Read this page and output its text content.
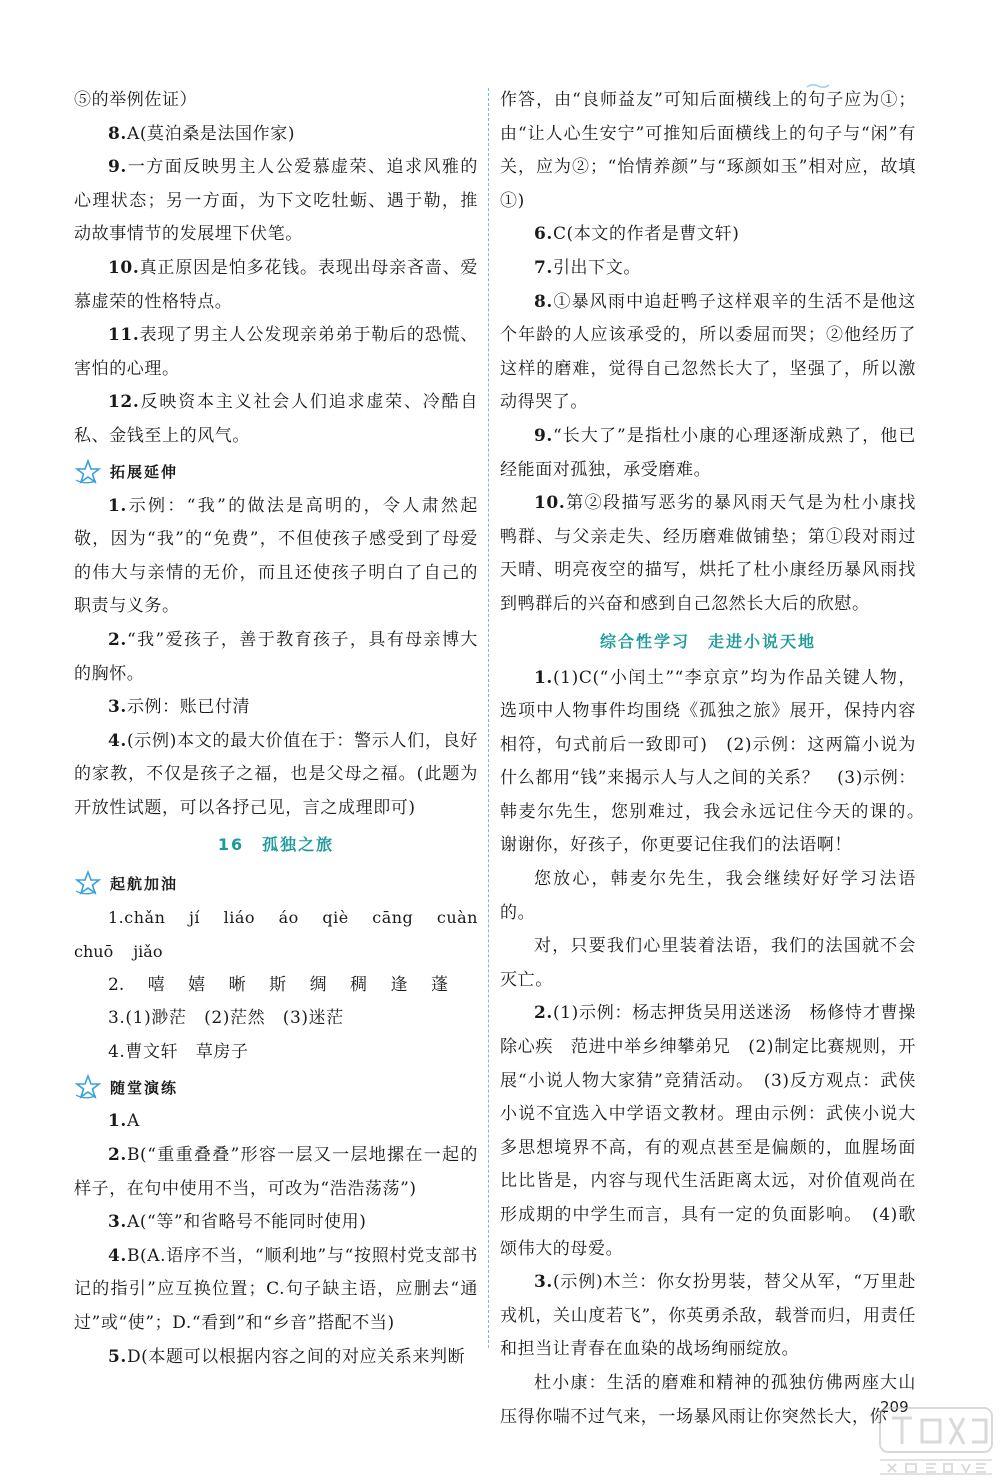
⑤的举例佐证）

8.A(莫泊桑是法国作家)

9.一方面反映男主人公爱慕虚荣、追求风雅的心理状态；另一方面，为下文吃牡蛎、遇于勒，推动故事情节的发展埋下伏笔。

10.真正原因是怕多花钱。表现出母亲吝啬、爱慕虚荣的性格特点。

11.表现了男主人公发现亲弟弟于勒后的恐慌、害怕的心理。

12.反映资本主义社会人们追求虚荣、冷酷自私、金钱至上的风气。

拓展延伸

1.示例：“我”的做法是高明的，令人肃然起敬，因为“我”的“免费”，不但使孩子感受到了母爱的伟大与亲情的无价，而且还使孩子明白了自己的职责与义务。

2.“我”爱孩子，善于教育孩子，具有母亲博大的胸怀。

3.示例：账已付清

4.(示例)本文的最大价值在于：警示人们，良好的家教，不仅是孩子之福，也是父母之福。(此题为开放性试题，可以各抒己见，言之成理即可)

16　孤独之旅

起航加油
1.chǎn jí liáo áo qiè cāng cuàn
chuō jiǎo
2. 嘻 嬉 晰 斯 绸 稠 逢 蓬

3.(1)渺茫　(2)茫然　(3)迷茫

4.曹文轩　草房子

随堂演练

1.A

2.B(“重重叠叠”形容一层又一层地摞在一起的样子，在句中使用不当，可改为“浩浩荡荡”)

3.A(“等”和省略号不能同时使用)

4.B(A.语序不当，“顺利地”与“按照村党支部书记的指引”应互换位置；C.句子缺主语，应删去“通过”或“使”；D.“看到”和“乡音”搭配不当)

5.D(本题可以根据内容之间的对应关系来判断

作答，由“良师益友”可知后面横线上的句子应为①；由“让人心生安宁”可推知后面横线上的句子与“闲”有关，应为②；“怡情养颜”与“琢颜如玉”相对应，故填①)

6.C(本文的作者是曹文轩)

7.引出下文。

8.①暴风雨中追赶鸭子这样艰辛的生活不是他这个年龄的人应该承受的，所以委屈而哭；②他经历了这样的磨难，觉得自己忽然长大了，坚强了，所以激动得哭了。

9.“长大了”是指杜小康的心理逐渐成熟了，他已经能面对孤独，承受磨难。

10.第②段描写恶劣的暴风雨天气是为杜小康找鸭群、与父亲走失、经历磨难做铺垫；第①段对雨过天晴、明亮夜空的描写，烘托了杜小康经历暴风雨找到鸭群后的兴奋和感到自己忽然长大后的欣慰。

综合性学习　走进小说天地

1.(1)C(“小闰土”“李京京”均为作品关键人物，选项中人物事件均围绕《孤独之旅》展开，保持内容相符，句式前后一致即可)　(2)示例：这两篇小说为什么都用“钱”来揭示人与人之间的关系？　(3)示例：韩麦尔先生，您别难过，我会永远记住今天的课的。　谢谢你，好孩子，你更要记住我们的法语啊！

您放心，韩麦尔先生，我会继续好好学习法语的。

对，只要我们心里装着法语，我们的法国就不会灭亡。

2.(1)示例：杨志押货吴用送迷汤　杨修恃才曹操除心疾　范进中举乡绅攀弟兄　(2)制定比赛规则，开展“小说人物大家猜”竞猜活动。　(3)反方观点：武侠小说不宜选入中学语文教材。理由示例：武侠小说大多思想境界不高，有的观点甚至是偏颇的，血腥场面比比皆是，内容与现代生活距离太远，对价值观尚在形成期的中学生而言，具有一定的负面影响。　(4)歌颂伟大的母爱。

3.(示例)木兰：你女扮男装，替父从军，“万里赴戎机，关山度若飞”，你英勇杀敌，载誉而归，用责任和担当让青春在血染的战场绚丽绽放。

杜小康：生活的磨难和精神的孤独仿佛两座大山压得你喘不过气来，一场暴风雨让你突然长大，你

209
